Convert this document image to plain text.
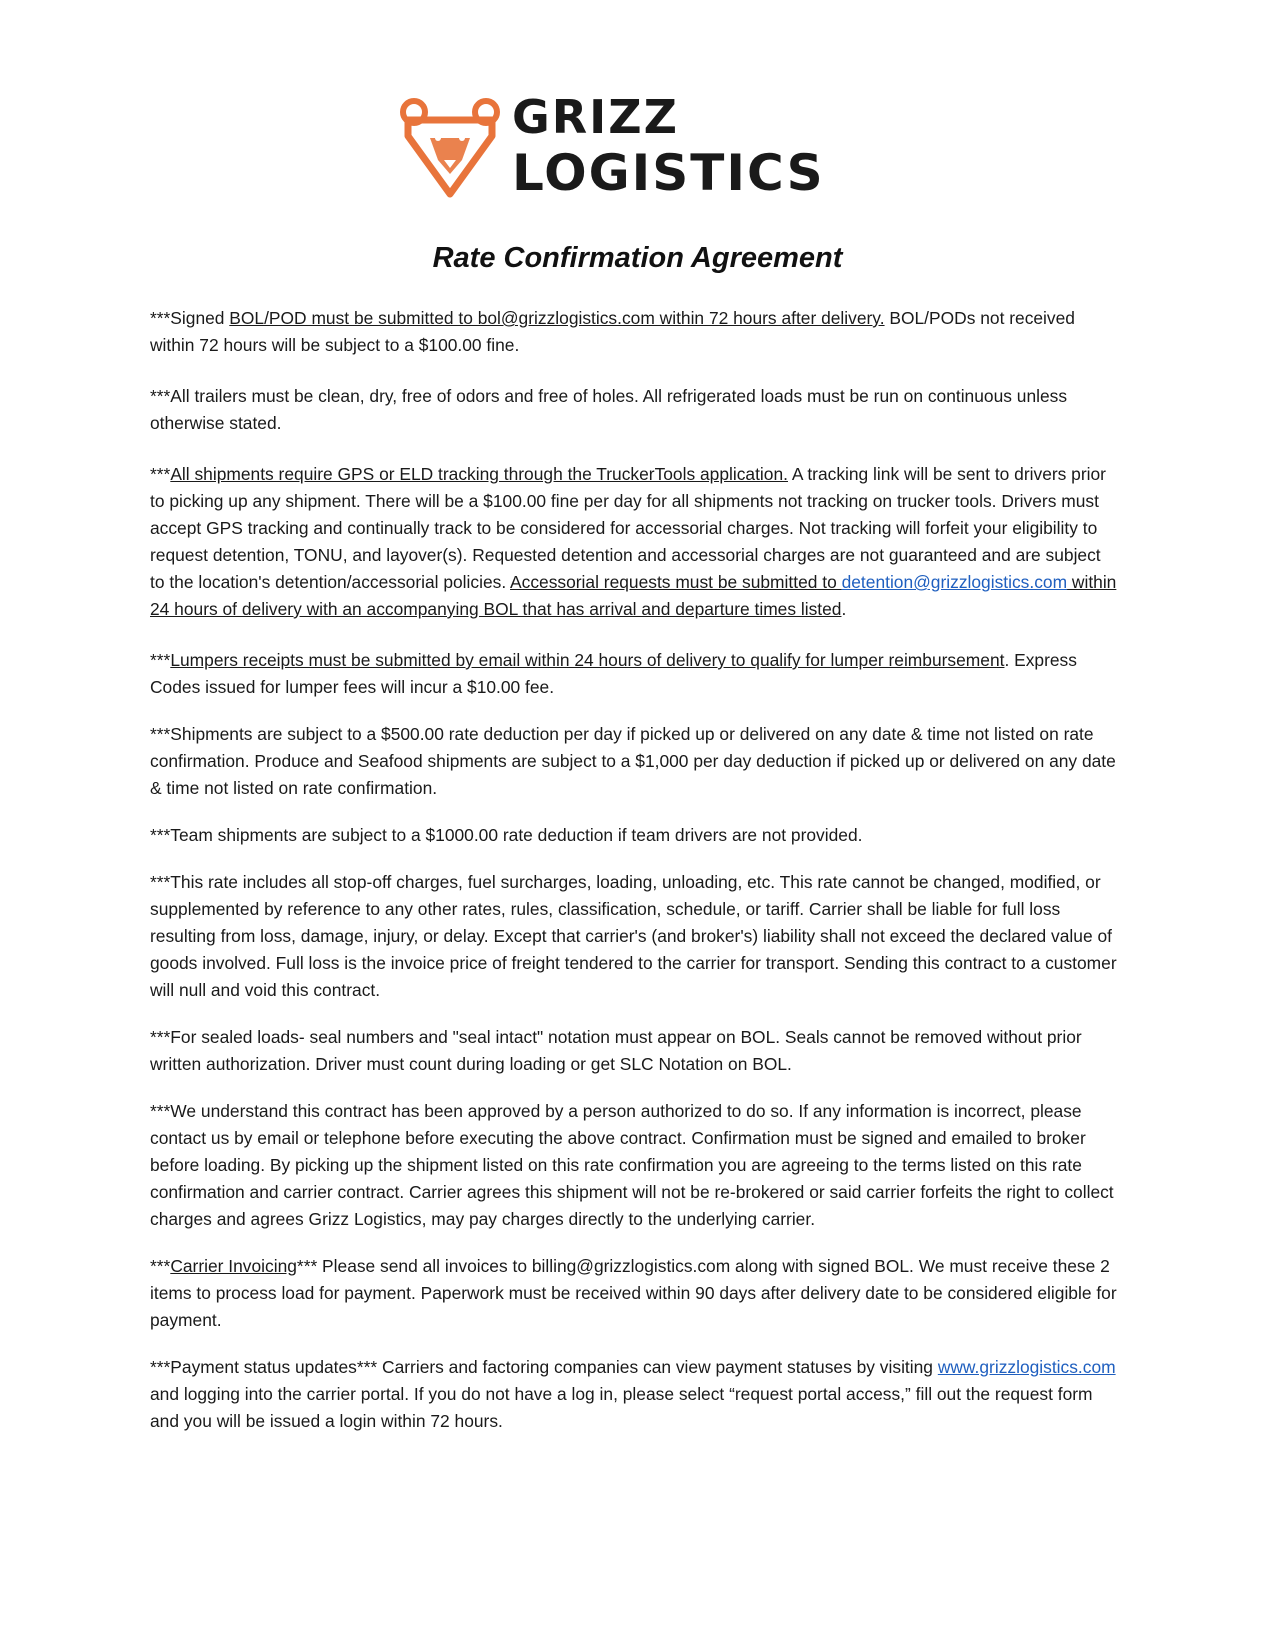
GRIZZ
LOGISTICS
Rate Confirmation Agreement

***Signed BOL/POD must be submitted to bol@grizzlogistics.com within 72 hours after delivery. BOL/PODs not received within 72 hours will be subject to a $100.00 fine.

***All trailers must be clean, dry, free of odors and free of holes. All refrigerated loads must be run on continuous unless otherwise stated.

***All shipments require GPS or ELD tracking through the TruckerTools application. A tracking link will be sent to drivers prior to picking up any shipment. There will be a $100.00 fine per day for all shipments not tracking on trucker tools. Drivers must accept GPS tracking and continually track to be considered for accessorial charges. Not tracking will forfeit your eligibility to request detention, TONU, and layover(s). Requested detention and accessorial charges are not guaranteed and are subject to the location's detention/accessorial policies. Accessorial requests must be submitted to detention@grizzlogistics.com within 24 hours of delivery with an accompanying BOL that has arrival and departure times listed.

***Lumpers receipts must be submitted by email within 24 hours of delivery to qualify for lumper reimbursement. Express Codes issued for lumper fees will incur a $10.00 fee.

***Shipments are subject to a $500.00 rate deduction per day if picked up or delivered on any date & time not listed on rate confirmation. Produce and Seafood shipments are subject to a $1,000 per day deduction if picked up or delivered on any date & time not listed on rate confirmation.

***Team shipments are subject to a $1000.00 rate deduction if team drivers are not provided.

***This rate includes all stop-off charges, fuel surcharges, loading, unloading, etc. This rate cannot be changed, modified, or supplemented by reference to any other rates, rules, classification, schedule, or tariff. Carrier shall be liable for full loss resulting from loss, damage, injury, or delay. Except that carrier's (and broker's) liability shall not exceed the declared value of goods involved. Full loss is the invoice price of freight tendered to the carrier for transport. Sending this contract to a customer will null and void this contract.

***For sealed loads- seal numbers and "seal intact" notation must appear on BOL. Seals cannot be removed without prior written authorization. Driver must count during loading or get SLC Notation on BOL.

***We understand this contract has been approved by a person authorized to do so. If any information is incorrect, please contact us by email or telephone before executing the above contract. Confirmation must be signed and emailed to broker before loading. By picking up the shipment listed on this rate confirmation you are agreeing to the terms listed on this rate confirmation and carrier contract. Carrier agrees this shipment will not be re-brokered or said carrier forfeits the right to collect charges and agrees Grizz Logistics, may pay charges directly to the underlying carrier.

***Carrier Invoicing*** Please send all invoices to billing@grizzlogistics.com along with signed BOL. We must receive these 2 items to process load for payment. Paperwork must be received within 90 days after delivery date to be considered eligible for payment.

***Payment status updates*** Carriers and factoring companies can view payment statuses by visiting www.grizzlogistics.com and logging into the carrier portal. If you do not have a log in, please select “request portal access,” fill out the request form and you will be issued a login within 72 hours.
